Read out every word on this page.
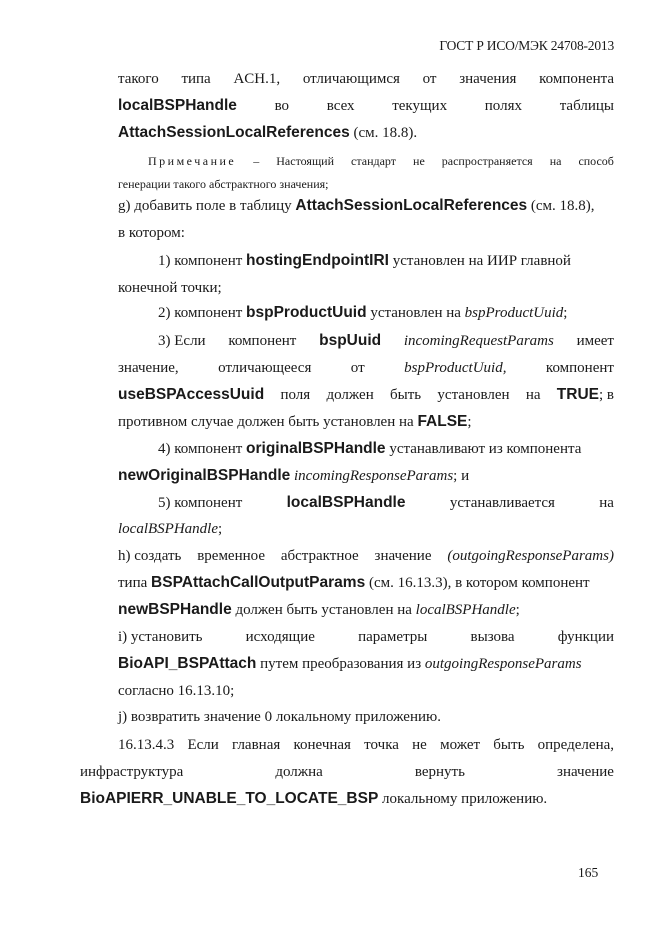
ГОСТ Р ИСО/МЭК 24708-2013
такого типа ACH.1, отличающимся от значения компонента
localBSPHandle	во	всех	текущих	полях	таблицы
AttachSessionLocalReferences (см. 18.8).
Примечание – Настоящий стандарт не распространяется на способ
генерации такого абстрактного значения;
g) добавить поле в таблицу AttachSessionLocalReferences (см. 18.8),
в котором:
1) компонент hostingEndpointIRI установлен на ИИР главной
конечной точки;
2) компонент bspProductUuid установлен на bspProductUuid;
3) Если компонент bspUuid incomingRequestParams имеет
значение,	отличающееся	от	bspProductUuid,	компонент
useBSPAccessUuid поля должен быть установлен на TRUE; в
противном случае должен быть установлен на FALSE;
4) компонент originalBSPHandle устанавливают из компонента
newOriginalBSPHandle incomingResponseParams; и
5) компонент	localBSPHandle	устанавливается	на
localBSPHandle;
h) создать временное абстрактное значение (outgoingResponseParams)
типа BSPAttachCallOutputParams (см. 16.13.3), в котором компонент
newBSPHandle должен быть установлен на localBSPHandle;
i) установить	исходящие	параметры	вызова	функции
BioAPI_BSPAttach путем преобразования из outgoingResponseParams
согласно 16.13.10;
j) возвратить значение 0 локальному приложению.
16.13.4.3 Если главная конечная точка не может быть определена,
инфраструктура	должна	вернуть	значение
BioAPIERR_UNABLE_TO_LOCATE_BSP локальному приложению.
165
